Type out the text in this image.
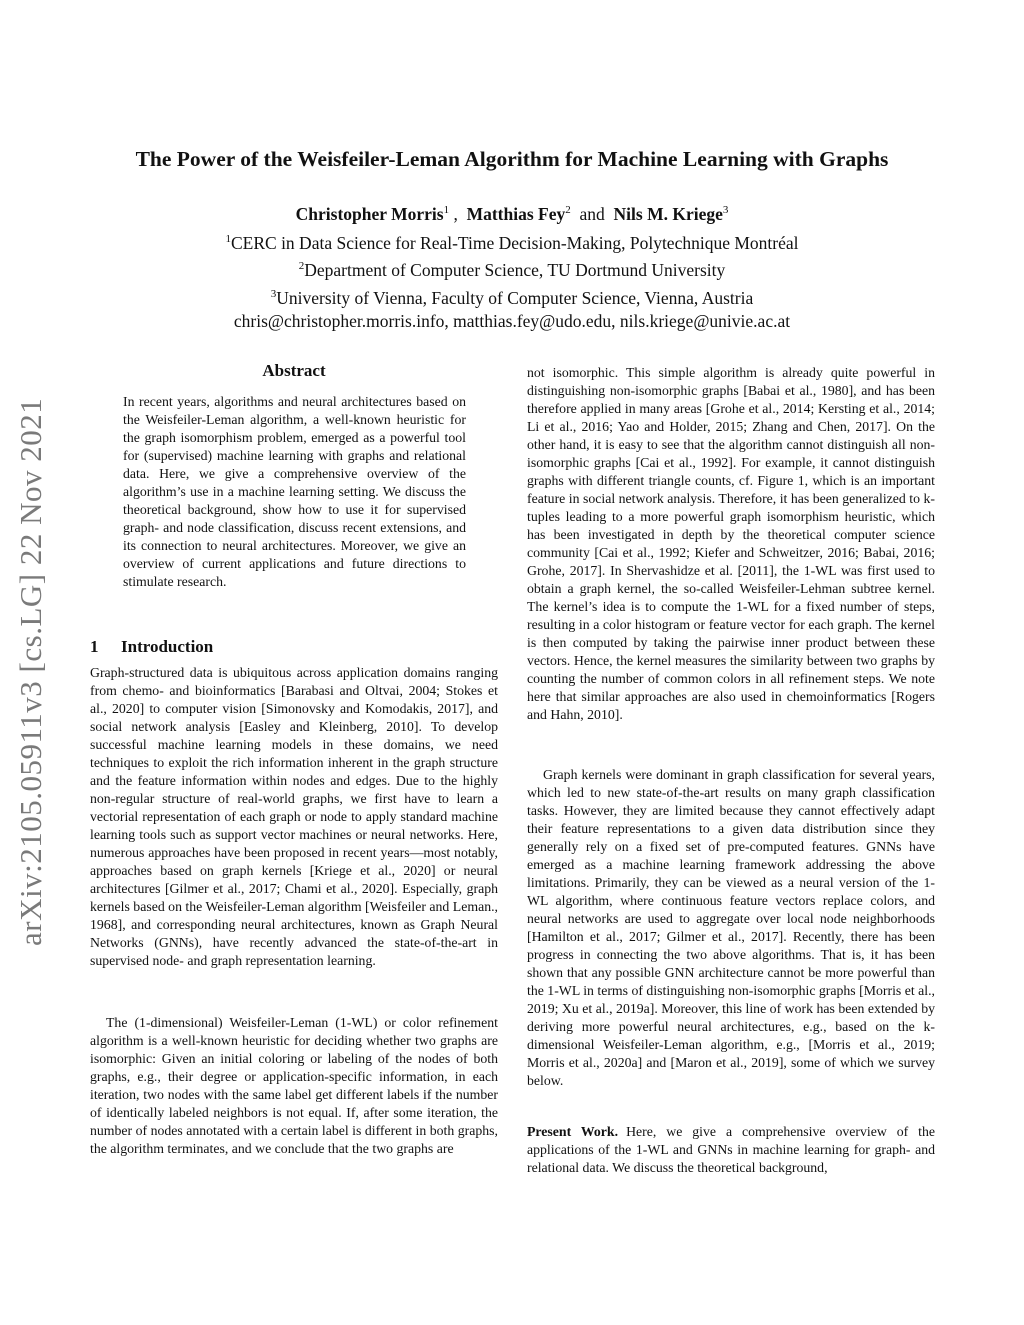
arXiv:2105.05911v3 [cs.LG] 22 Nov 2021
The Power of the Weisfeiler-Leman Algorithm for Machine Learning with Graphs
Christopher Morris$^1$ , Matthias Fey$^2$ and Nils M. Kriege$^3$
$^1$CERC in Data Science for Real-Time Decision-Making, Polytechnique Montréal
$^2$Department of Computer Science, TU Dortmund University
$^3$University of Vienna, Faculty of Computer Science, Vienna, Austria
chris@christopher.morris.info, matthias.fey@udo.edu, nils.kriege@univie.ac.at
Abstract

In recent years, algorithms and neural architectures based on the Weisfeiler-Leman algorithm, a well-known heuristic for the graph isomorphism problem, emerged as a powerful tool for (supervised) machine learning with graphs and relational data. Here, we give a comprehensive overview of the algorithm’s use in a machine learning setting. We discuss the theoretical background, show how to use it for supervised graph- and node classification, discuss recent extensions, and its connection to neural architectures. Moreover, we give an overview of current applications and future directions to stimulate research.

1 Introduction

Graph-structured data is ubiquitous across application domains ranging from chemo- and bioinformatics [Barabasi and Oltvai, 2004; Stokes et al., 2020] to computer vision [Simonovsky and Komodakis, 2017], and social network analysis [Easley and Kleinberg, 2010]. To develop successful machine learning models in these domains, we need techniques to exploit the rich information inherent in the graph structure and the feature information within nodes and edges. Due to the highly non-regular structure of real-world graphs, we first have to learn a vectorial representation of each graph or node to apply standard machine learning tools such as support vector machines or neural networks. Here, numerous approaches have been proposed in recent years—most notably, approaches based on graph kernels [Kriege et al., 2020] or neural architectures [Gilmer et al., 2017; Chami et al., 2020]. Especially, graph kernels based on the Weisfeiler-Leman algorithm [Weisfeiler and Leman., 1968], and corresponding neural architectures, known as Graph Neural Networks (GNNs), have recently advanced the state-of-the-art in supervised node- and graph representation learning.

The (1-dimensional) Weisfeiler-Leman (1-WL) or color refinement algorithm is a well-known heuristic for deciding whether two graphs are isomorphic: Given an initial coloring or labeling of the nodes of both graphs, e.g., their degree or application-specific information, in each iteration, two nodes with the same label get different labels if the number of identically labeled neighbors is not equal. If, after some iteration, the number of nodes annotated with a certain label is different in both graphs, the algorithm terminates, and we conclude that the two graphs are

not isomorphic. This simple algorithm is already quite powerful in distinguishing non-isomorphic graphs [Babai et al., 1980], and has been therefore applied in many areas [Grohe et al., 2014; Kersting et al., 2014; Li et al., 2016; Yao and Holder, 2015; Zhang and Chen, 2017]. On the other hand, it is easy to see that the algorithm cannot distinguish all non-isomorphic graphs [Cai et al., 1992]. For example, it cannot distinguish graphs with different triangle counts, cf. Figure 1, which is an important feature in social network analysis. Therefore, it has been generalized to k-tuples leading to a more powerful graph isomorphism heuristic, which has been investigated in depth by the theoretical computer science community [Cai et al., 1992; Kiefer and Schweitzer, 2016; Babai, 2016; Grohe, 2017]. In Shervashidze et al. [2011], the 1-WL was first used to obtain a graph kernel, the so-called Weisfeiler-Lehman subtree kernel. The kernel’s idea is to compute the 1-WL for a fixed number of steps, resulting in a color histogram or feature vector for each graph. The kernel is then computed by taking the pairwise inner product between these vectors. Hence, the kernel measures the similarity between two graphs by counting the number of common colors in all refinement steps. We note here that similar approaches are also used in chemoinformatics [Rogers and Hahn, 2010].

Graph kernels were dominant in graph classification for several years, which led to new state-of-the-art results on many graph classification tasks. However, they are limited because they cannot effectively adapt their feature representations to a given data distribution since they generally rely on a fixed set of pre-computed features. GNNs have emerged as a machine learning framework addressing the above limitations. Primarily, they can be viewed as a neural version of the 1-WL algorithm, where continuous feature vectors replace colors, and neural networks are used to aggregate over local node neighborhoods [Hamilton et al., 2017; Gilmer et al., 2017]. Recently, there has been progress in connecting the two above algorithms. That is, it has been shown that any possible GNN architecture cannot be more powerful than the 1-WL in terms of distinguishing non-isomorphic graphs [Morris et al., 2019; Xu et al., 2019a]. Moreover, this line of work has been extended by deriving more powerful neural architectures, e.g., based on the k-dimensional Weisfeiler-Leman algorithm, e.g., [Morris et al., 2019; Morris et al., 2020a] and [Maron et al., 2019], some of which we survey below.

Present Work. Here, we give a comprehensive overview of the applications of the 1-WL and GNNs in machine learning for graph- and relational data. We discuss the theoretical background,
